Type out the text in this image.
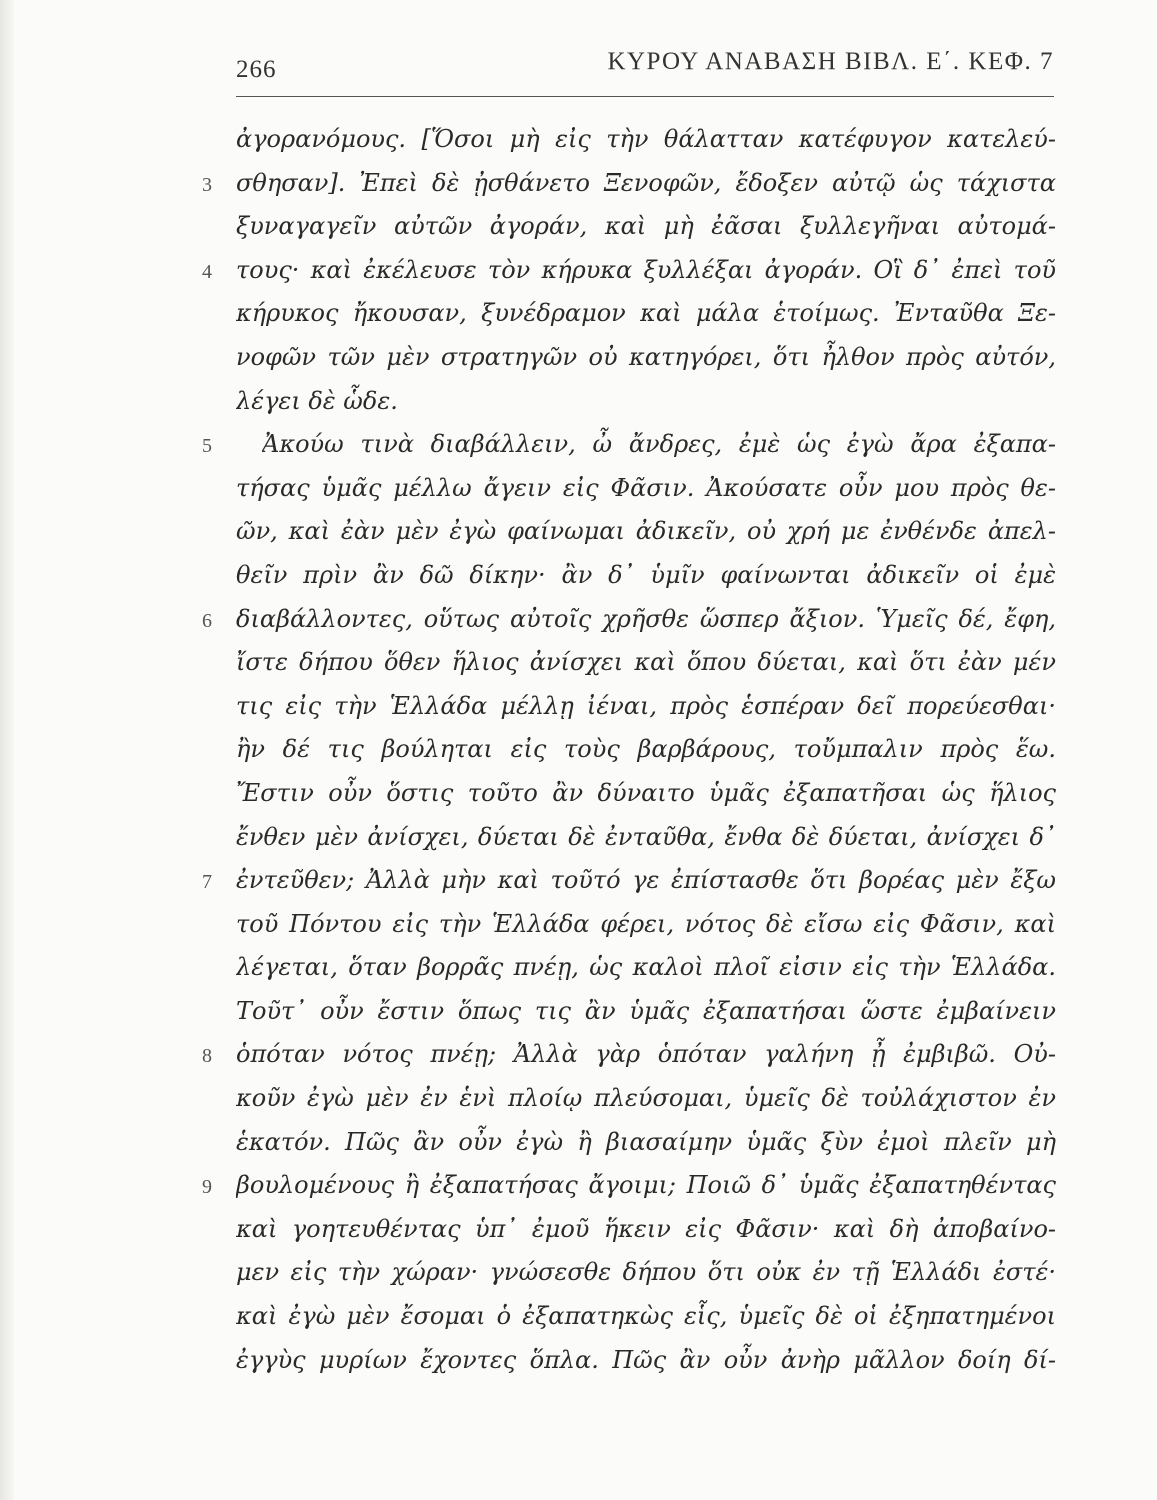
266	ΚΥΡΟΥ ΑΝΑΒΑΣΗ ΒΙΒΛ. Ε΄. ΚΕΦ. 7
ἀγορανόμους. [Ὅσοι μὴ εἰς τὴν θάλατταν κατέφυγον κατελεύ-
3 σθησαν]. Ἐπεὶ δὲ ᾐσθάνετο Ξενοφῶν, ἔδοξεν αὐτῷ ὡς τάχιστα
ξυναγαγεῖν αὐτῶν ἀγοράν, καὶ μὴ ἐᾶσαι ξυλλεγῆναι αὐτομά-
4 τους· καὶ ἐκέλευσε τὸν κήρυκα ξυλλέξαι ἀγοράν. Οἳ δ᾽ ἐπεὶ τοῦ
κήρυκος ἤκουσαν, ξυνέδραμον καὶ μάλα ἑτοίμως. Ἐνταῦθα Ξε-
νοφῶν τῶν μὲν στρατηγῶν οὐ κατηγόρει, ὅτι ἦλθον πρὸς αὐτόν,
λέγει δὲ ὧδε.
5 Ἀκούω τινὰ διαβάλλειν, ὦ ἄνδρες, ἐμὲ ὡς ἐγὼ ἄρα ἐξαπα-
τήσας ὑμᾶς μέλλω ἄγειν εἰς Φᾶσιν. Ἀκούσατε οὖν μου πρὸς θε-
ῶν, καὶ ἐὰν μὲν ἐγὼ φαίνωμαι ἀδικεῖν, οὐ χρή με ἐνθένδε ἀπελ-
θεῖν πρὶν ἂν δῶ δίκην· ἂν δ᾽ ὑμῖν φαίνωνται ἀδικεῖν οἱ ἐμὲ
6 διαβάλλοντες, οὕτως αὐτοῖς χρῆσθε ὥσπερ ἄξιον. Ὑμεῖς δέ, ἔφη,
ἴστε δήπου ὅθεν ἥλιος ἀνίσχει καὶ ὅπου δύεται, καὶ ὅτι ἐὰν μέν
τις εἰς τὴν Ἑλλάδα μέλλῃ ἰέναι, πρὸς ἑσπέραν δεῖ πορεύεσθαι·
ἢν δέ τις βούληται εἰς τοὺς βαρβάρους, τοὔμπαλιν πρὸς ἕω.
Ἔστιν οὖν ὅστις τοῦτο ἂν δύναιτο ὑμᾶς ἐξαπατῆσαι ὡς ἥλιος
ἔνθεν μὲν ἀνίσχει, δύεται δὲ ἐνταῦθα, ἔνθα δὲ δύεται, ἀνίσχει δ᾽
7 ἐντεῦθεν; Ἀλλὰ μὴν καὶ τοῦτό γε ἐπίστασθε ὅτι βορέας μὲν ἔξω
τοῦ Πόντου εἰς τὴν Ἑλλάδα φέρει, νότος δὲ εἴσω εἰς Φᾶσιν, καὶ
λέγεται, ὅταν βορρᾶς πνέῃ, ὡς καλοὶ πλοῖ εἰσιν εἰς τὴν Ἑλλάδα.
Τοῦτ᾽ οὖν ἔστιν ὅπως τις ἂν ὑμᾶς ἐξαπατήσαι ὥστε ἐμβαίνειν
8 ὁπόταν νότος πνέῃ; Ἀλλὰ γὰρ ὁπόταν γαλήνη ᾖ ἐμβιβῶ. Οὐ-
κοῦν ἐγὼ μὲν ἐν ἑνὶ πλοίῳ πλεύσομαι, ὑμεῖς δὲ τοὐλάχιστον ἐν
ἑκατόν. Πῶς ἂν οὖν ἐγὼ ἢ βιασαίμην ὑμᾶς ξὺν ἐμοὶ πλεῖν μὴ
9 βουλομένους ἢ ἐξαπατήσας ἄγοιμι; Ποιῶ δ᾽ ὑμᾶς ἐξαπατηθέντας
καὶ γοητευθέντας ὑπ᾽ ἐμοῦ ἥκειν εἰς Φᾶσιν· καὶ δὴ ἀποβαίνο-
μεν εἰς τὴν χώραν· γνώσεσθε δήπου ὅτι οὐκ ἐν τῇ Ἑλλάδι ἐστέ·
καὶ ἐγὼ μὲν ἔσομαι ὁ ἐξαπατηκὼς εἷς, ὑμεῖς δὲ οἱ ἐξηπατημένοι
ἐγγὺς μυρίων ἔχοντες ὅπλα. Πῶς ἂν οὖν ἀνὴρ μᾶλλον δοίη δί-
